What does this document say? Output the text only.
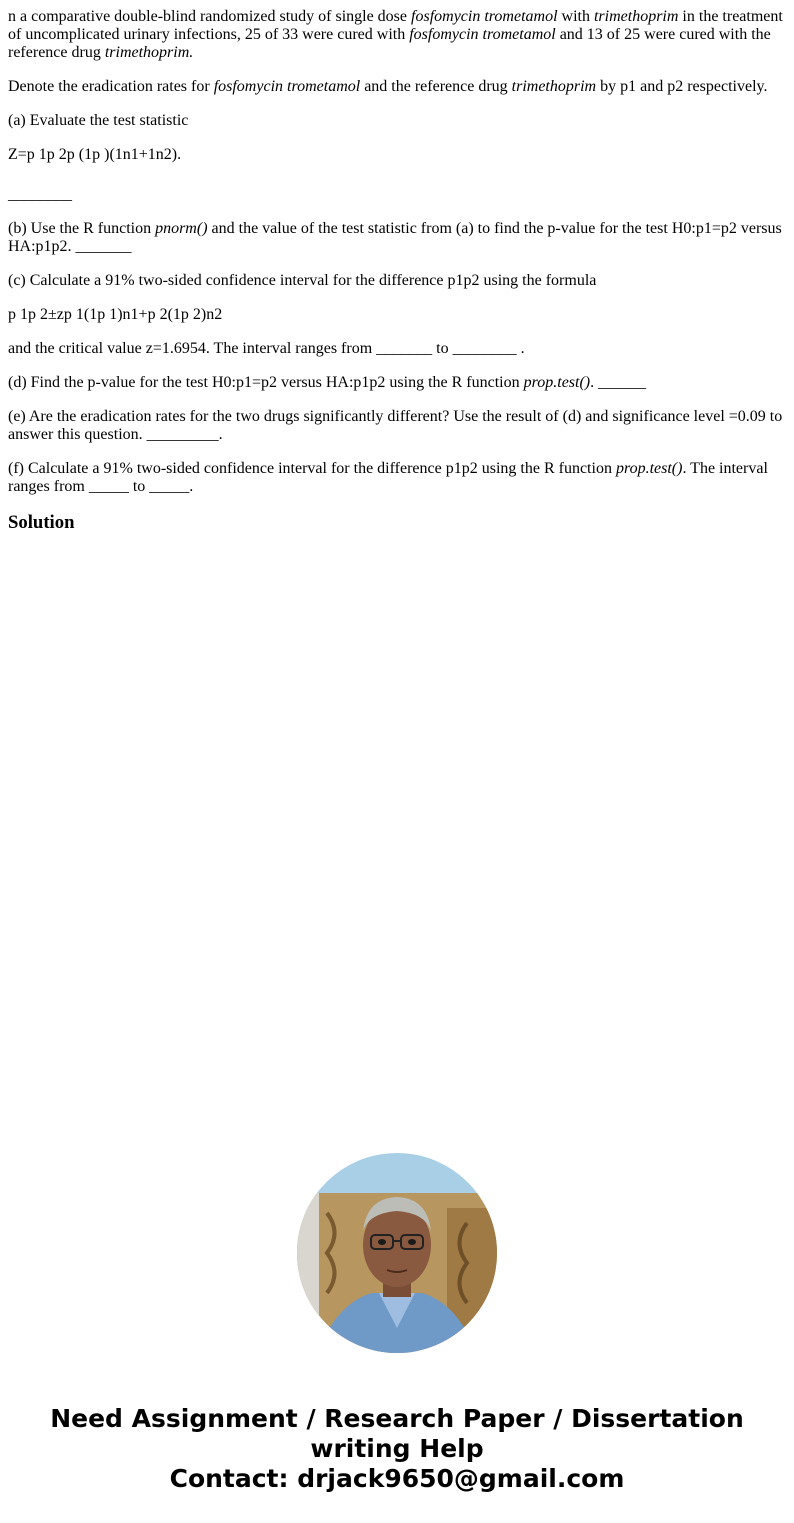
n a comparative double-blind randomized study of single dose fosfomycin trometamol with trimethoprim in the treatment of uncomplicated urinary infections, 25 of 33 were cured with fosfomycin trometamol and 13 of 25 were cured with the reference drug trimethoprim.

Denote the eradication rates for fosfomycin trometamol and the reference drug trimethoprim by p1 and p2 respectively.

(a) Evaluate the test statistic

Z=p 1p 2p (1p )(1n1+1n2).

________

(b) Use the R function pnorm() and the value of the test statistic from (a) to find the p-value for the test H0:p1=p2 versus HA:p1p2. _______

(c) Calculate a 91% two-sided confidence interval for the difference p1p2 using the formula

p 1p 2±zp 1(1p 1)n1+p 2(1p 2)n2

and the critical value z=1.6954. The interval ranges from _______ to ________ .

(d) Find the p-value for the test H0:p1=p2 versus HA:p1p2 using the R function prop.test(). ______

(e) Are the eradication rates for the two drugs significantly different? Use the result of (d) and significance level =0.09 to answer this question. _________.

(f) Calculate a 91% two-sided confidence interval for the difference p1p2 using the R function prop.test(). The interval ranges from _____ to _____.

Solution
Need Assignment / Research Paper / Dissertation
writing Help
Contact: drjack9650@gmail.com
